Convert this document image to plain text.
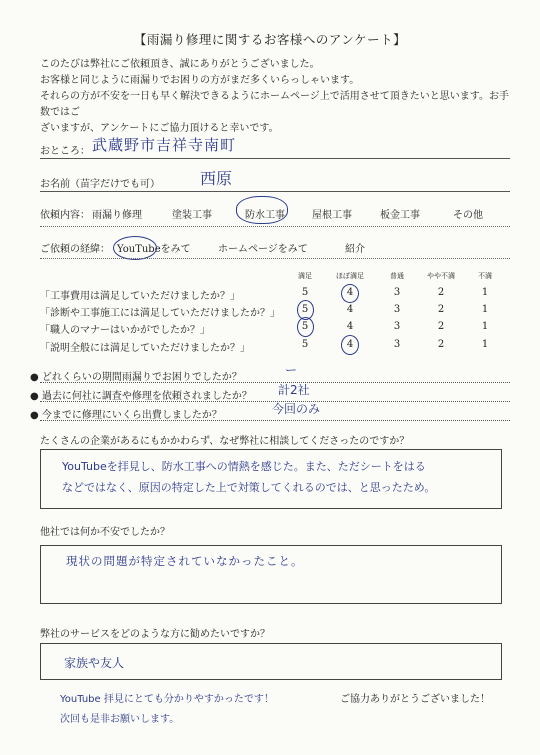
【雨漏り修理に関するお客様へのアンケート】
このたびは弊社にご依頼頂き、誠にありがとうございました。
お客様と同じように雨漏りでお困りの方がまだ多くいらっしゃいます。
それらの方が不安を一日も早く解決できるようにホームページ上で活用させて頂きたいと思います。お手数ではご
ざいますが、アンケートにご協力頂けると幸いです。
おところ： 武蔵野市吉祥寺南町
お名前（苗字だけでも可）	西原
依頼内容： 雨漏り修理	塗装工事	防水工事	屋根工事	板金工事	その他
ご依頼の経緯： YouTubeをみて	ホームページをみて	紹介
満足	ほぼ満足	普通	やや不満	不満
「工事費用は満足していただけましたか？」	5	4	3	2	1
「診断や工事施工には満足していただけましたか？」	5	4	3	2	1
「職人のマナーはいかがでしたか？」	5	4	3	2	1
「説明全般には満足していただけましたか？」	5	4	3	2	1
● どれくらいの期間雨漏りでお困りでしたか？
ー
● 過去に何社に調査や修理を依頼されましたか？ 計2社
● 今までに修理にいくら出費しましたか？	今回のみ
たくさんの企業があるにもかかわらず、なぜ弊社に相談してくださったのですか？
YouTubeを拝見し、防水工事への情熱を感じた。また、ただシートをはる
などではなく、原因の特定した上で対策してくれるのでは、と思ったため。
他社では何か不安でしたか？
現状の問題が特定されていなかったこと。
弊社のサービスをどのような方に勧めたいですか？
家族や友人
YouTube 拝見にとても分かりやすかったです！
次回も是非お願いします。
ご協力ありがとうございました！
